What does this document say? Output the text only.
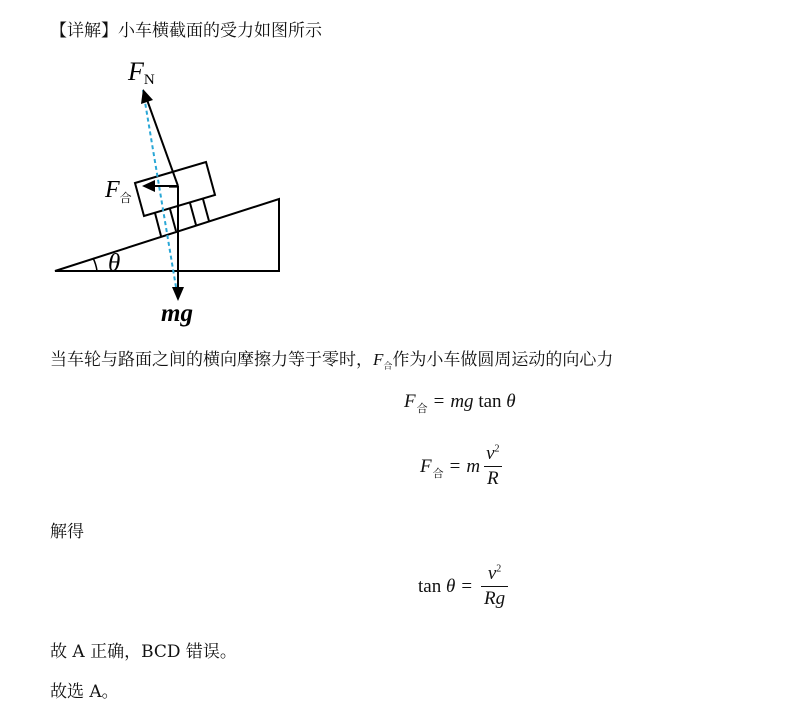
【详解】小车横截面的受力如图所示
FN
$F_合$
θ
mg
当车轮与路面之间的横向摩擦力等于零时，$F_合$作为小车做圆周运动的向心力
F 合 = mg
tan
θ
F 合 = m $\frac{v^2}{R}$
解得
tan
$\theta = \frac{v^2}{Rg}$
故 A 正确，BCD 错误。
故选 A。
